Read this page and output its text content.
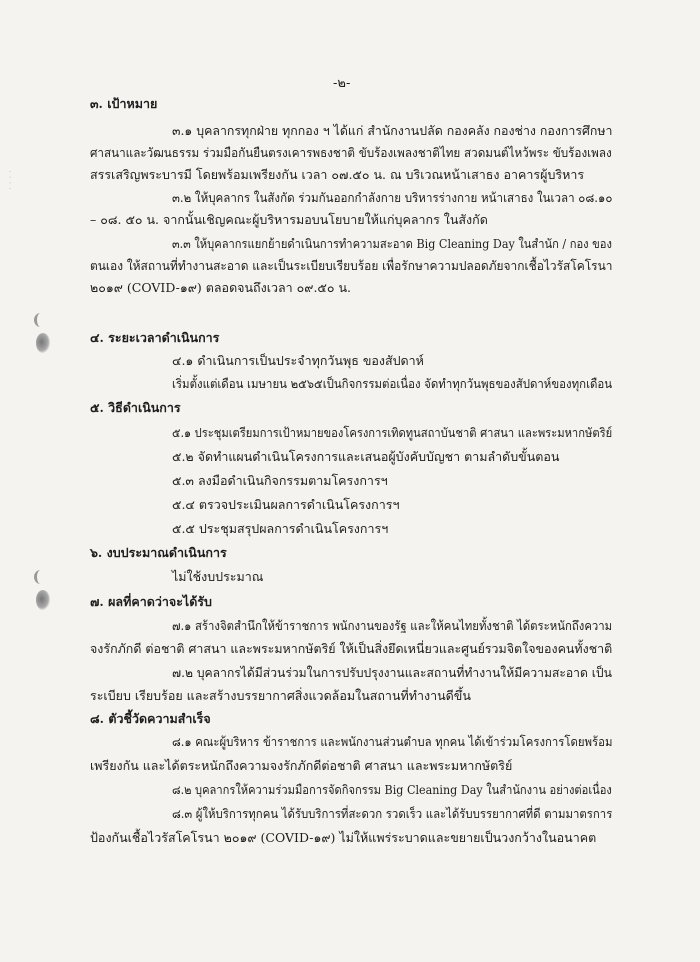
· · · ·
-๒-
๓. เป้าหมาย
๓.๑ บุคลากรทุกฝ่าย ทุกกอง ฯ ได้แก่ สำนักงานปลัด กองคลัง กองช่าง กองการศึกษา
ศาสนาและวัฒนธรรม ร่วมมือกันยืนตรงเคารพธงชาติ ขับร้องเพลงชาติไทย สวดมนต์ไหว้พระ ขับร้องเพลง
สรรเสริญพระบารมี โดยพร้อมเพรียงกัน เวลา ๐๗.๕๐ น. ณ บริเวณหน้าเสาธง อาคารผู้บริหาร
๓.๒ ให้บุคลากร ในสังกัด ร่วมกันออกกำลังกาย บริหารร่างกาย หน้าเสาธง ในเวลา ๐๘.๑๐
– ๐๘. ๕๐ น. จากนั้นเชิญคณะผู้บริหารมอบนโยบายให้แก่บุคลากร ในสังกัด
๓.๓ ให้บุคลากรแยกย้ายดำเนินการทำความสะอาด Big Cleaning Day ในสำนัก / กอง ของ
ตนเอง ให้สถานที่ทำงานสะอาด และเป็นระเบียบเรียบร้อย เพื่อรักษาความปลอดภัยจากเชื้อไวรัสโคโรนา
๒๐๑๙ (COVID-๑๙) ตลอดจนถึงเวลา ๐๙.๕๐ น.
๔. ระยะเวลาดำเนินการ
๔.๑ ดำเนินการเป็นประจำทุกวันพุธ ของสัปดาห์
เริ่มตั้งแต่เดือน เมษายน ๒๕๖๕เป็นกิจกรรมต่อเนื่อง จัดทำทุกวันพุธของสัปดาห์ของทุกเดือน
๕. วิธีดำเนินการ
๕.๑ ประชุมเตรียมการเป้าหมายของโครงการเทิดทูนสถาบันชาติ ศาสนา และพระมหากษัตริย์
๕.๒ จัดทำแผนดำเนินโครงการและเสนอผู้บังคับบัญชา ตามลำดับขั้นตอน
๕.๓ ลงมือดำเนินกิจกรรมตามโครงการฯ
๕.๔ ตรวจประเมินผลการดำเนินโครงการฯ
๕.๕ ประชุมสรุปผลการดำเนินโครงการฯ
๖. งบประมาณดำเนินการ
ไม่ใช้งบประมาณ
๗. ผลที่คาดว่าจะได้รับ
๗.๑ สร้างจิตสำนึกให้ข้าราชการ พนักงานของรัฐ และให้คนไทยทั้งชาติ ได้ตระหนักถึงความ
จงรักภักดี ต่อชาติ ศาสนา และพระมหากษัตริย์ ให้เป็นสิ่งยึดเหนี่ยวและศูนย์รวมจิตใจของคนทั้งชาติ
๗.๒ บุคลากรได้มีส่วนร่วมในการปรับปรุงงานและสถานที่ทำงานให้มีความสะอาด เป็น
ระเบียบ เรียบร้อย และสร้างบรรยากาศสิ่งแวดล้อมในสถานที่ทำงานดีขึ้น
๘. ตัวชี้วัดความสำเร็จ
๘.๑ คณะผู้บริหาร ข้าราชการ และพนักงานส่วนตำบล ทุกคน ได้เข้าร่วมโครงการโดยพร้อม
เพรียงกัน และได้ตระหนักถึงความจงรักภักดีต่อชาติ ศาสนา และพระมหากษัตริย์
๘.๒ บุคลากรให้ความร่วมมือการจัดกิจกรรม Big Cleaning Day ในสำนักงาน อย่างต่อเนื่อง
๘.๓ ผู้ให้บริการทุกคน ได้รับบริการที่สะดวก รวดเร็ว และได้รับบรรยากาศที่ดี ตามมาตรการ
ป้องกันเชื้อไวรัสโคโรนา ๒๐๑๙ (COVID-๑๙) ไม่ให้แพร่ระบาดและขยายเป็นวงกว้างในอนาคต
